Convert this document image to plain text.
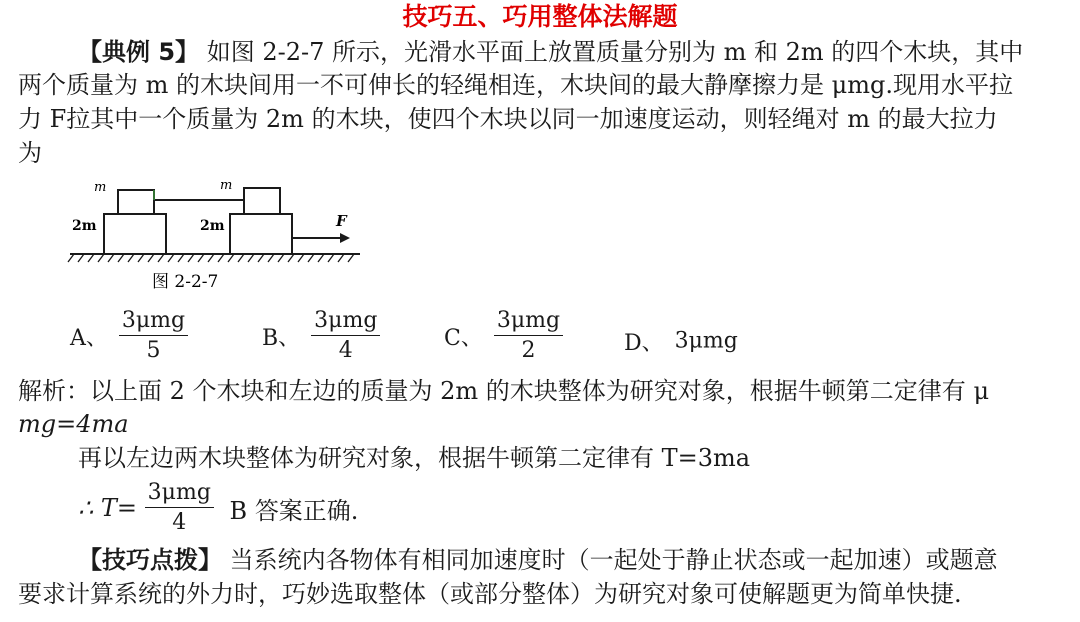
技巧五、巧用整体法解题
【典例 5】 如图 2-2-7 所示，光滑水平面上放置质量分别为 m 和 2m 的四个木块，其中
两个质量为 m 的木块间用一不可伸长的轻绳相连，木块间的最大静摩擦力是 μmg.现用水平拉
力 F拉其中一个质量为 2m 的木块，使四个木块以同一加速度运动，则轻绳对 m 的最大拉力
为
m	m
2m	2m	F
图 2-2-7
A、 $\frac{\text{3μmg}}{5}$	B、 $\frac{\text{3μmg}}{4}$	C、 $\frac{\text{3μmg}}{2}$	D、 3μmg
解析：以上面 2 个木块和左边的质量为 2m 的木块整体为研究对象，根据牛顿第二定律有 μ
mg=4ma
再以左边两木块整体为研究对象，根据牛顿第二定律有 T=3ma
∴ $T= \frac{\text{3μmg}}{4}$ B 答案正确.
【技巧点拨】 当系统内各物体有相同加速度时（一起处于静止状态或一起加速）或题意
要求计算系统的外力时，巧妙选取整体（或部分整体）为研究对象可使解题更为简单快捷.
